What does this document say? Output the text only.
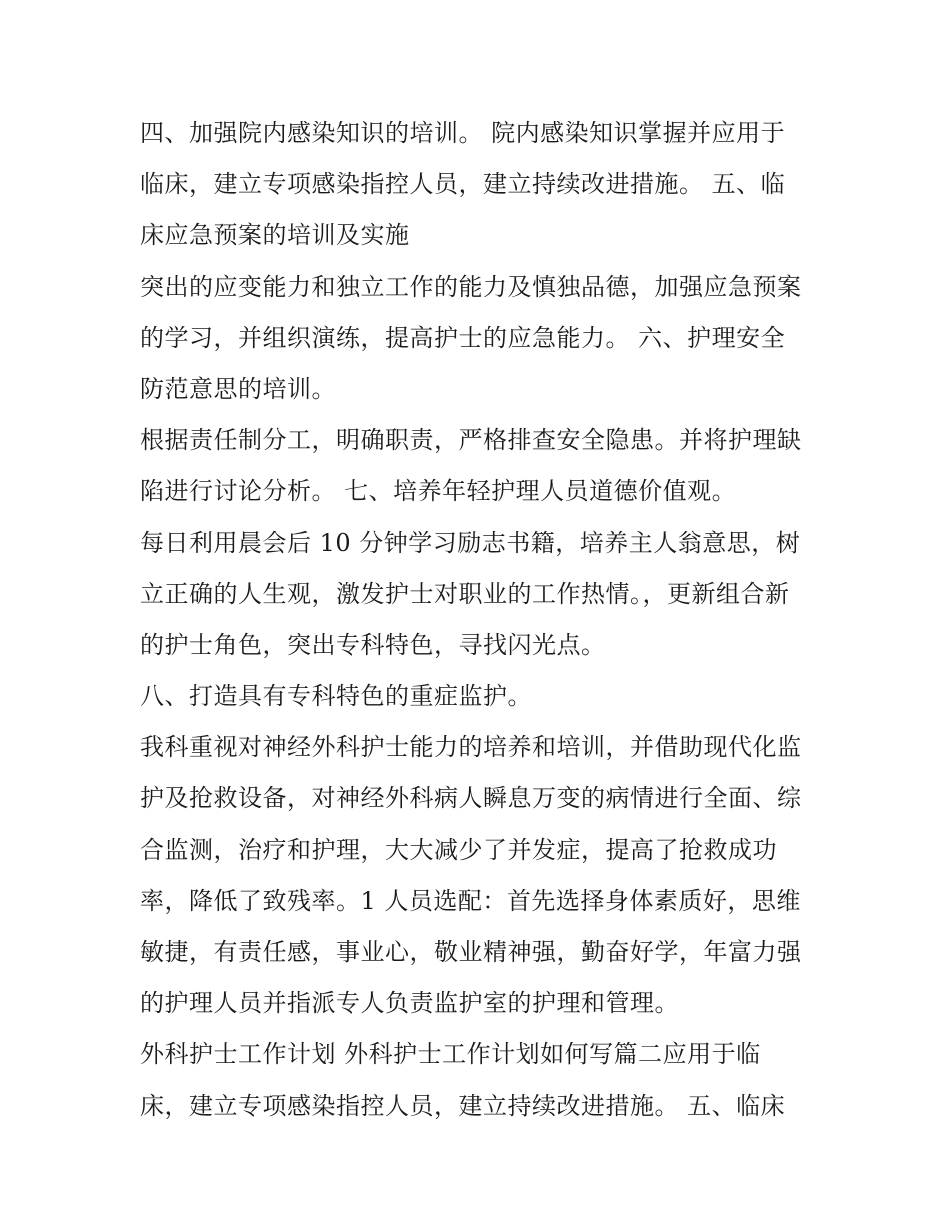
四、加强院内感染知识的培训。 院内感染知识掌握并应用于
临床，建立专项感染指控人员，建立持续改进措施。 五、临
床应急预案的培训及实施
突出的应变能力和独立工作的能力及慎独品德，加强应急预案
的学习，并组织演练，提高护士的应急能力。 六、护理安全
防范意思的培训。
根据责任制分工，明确职责，严格排查安全隐患。并将护理缺
陷进行讨论分析。 七、培养年轻护理人员道德价值观。
每日利用晨会后 10 分钟学习励志书籍，培养主人翁意思，树
立正确的人生观，激发护士对职业的工作热情。，更新组合新
的护士角色，突出专科特色，寻找闪光点。
八、打造具有专科特色的重症监护。
我科重视对神经外科护士能力的培养和培训，并借助现代化监
护及抢救设备，对神经外科病人瞬息万变的病情进行全面、综
合监测，治疗和护理，大大减少了并发症，提高了抢救成功
率，降低了致残率。1 人员选配：首先选择身体素质好，思维
敏捷，有责任感，事业心，敬业精神强，勤奋好学，年富力强
的护理人员并指派专人负责监护室的护理和管理。
外科护士工作计划 外科护士工作计划如何写篇二应用于临
床，建立专项感染指控人员，建立持续改进措施。 五、临床
